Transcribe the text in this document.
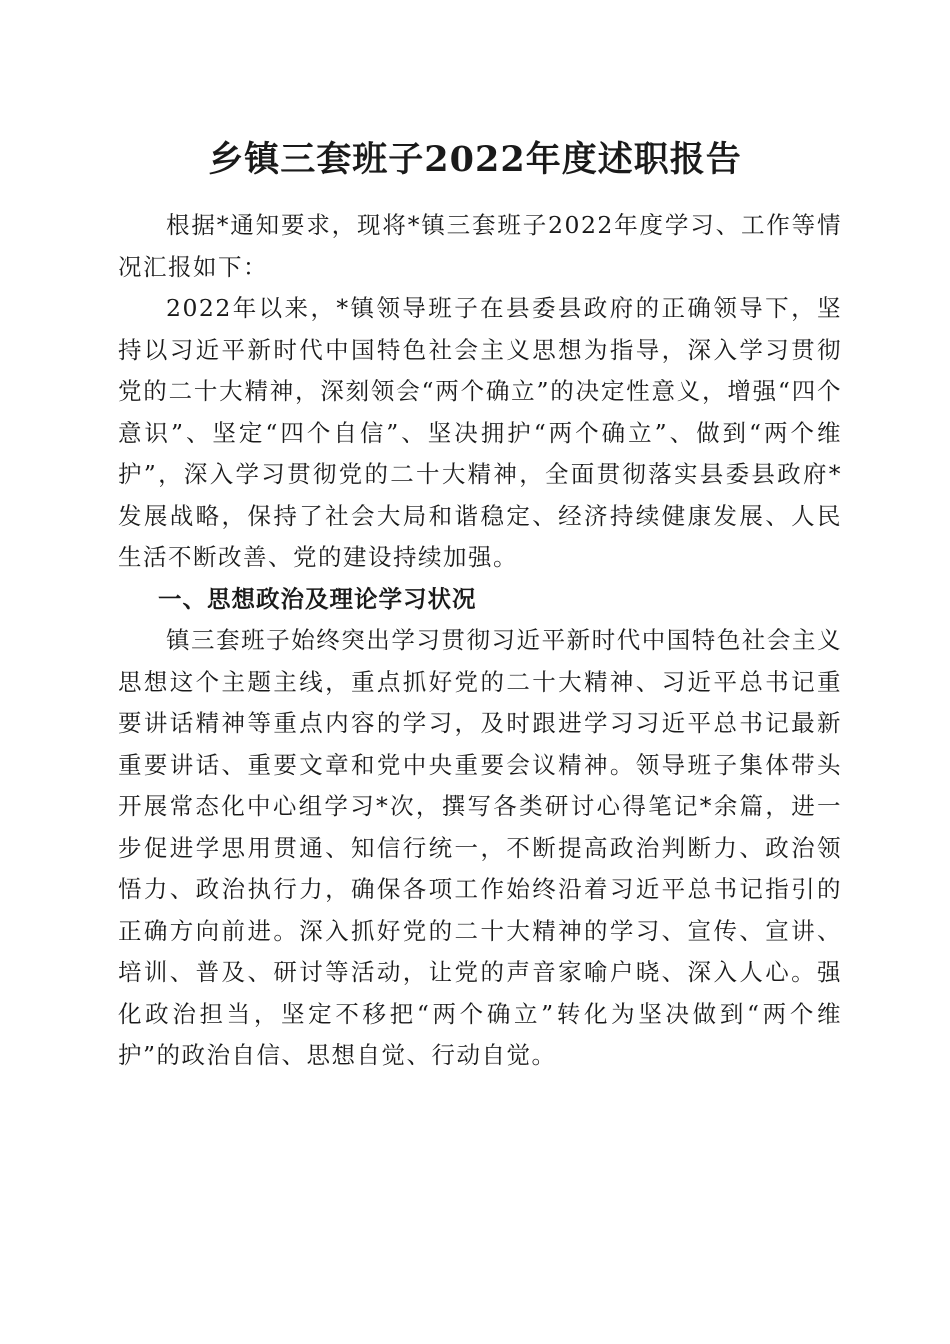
乡镇三套班子2022年度述职报告

根据*通知要求，现将*镇三套班子2022年度学习、工作等情况汇报如下：

2022年以来，*镇领导班子在县委县政府的正确领导下，坚持以习近平新时代中国特色社会主义思想为指导，深入学习贯彻党的二十大精神，深刻领会“两个确立”的决定性意义，增强“四个意识”、坚定“四个自信”、坚决拥护“两个确立”、做到“两个维护”，深入学习贯彻党的二十大精神，全面贯彻落实县委县政府*发展战略，保持了社会大局和谐稳定、经济持续健康发展、人民生活不断改善、党的建设持续加强。

一、思想政治及理论学习状况

镇三套班子始终突出学习贯彻习近平新时代中国特色社会主义思想这个主题主线，重点抓好党的二十大精神、习近平总书记重要讲话精神等重点内容的学习，及时跟进学习习近平总书记最新重要讲话、重要文章和党中央重要会议精神。领导班子集体带头开展常态化中心组学习*次，撰写各类研讨心得笔记*余篇，进一步促进学思用贯通、知信行统一，不断提高政治判断力、政治领悟力、政治执行力，确保各项工作始终沿着习近平总书记指引的正确方向前进。深入抓好党的二十大精神的学习、宣传、宣讲、培训、普及、研讨等活动，让党的声音家喻户晓、深入人心。强化政治担当，坚定不移把“两个确立”转化为坚决做到“两个维护”的政治自信、思想自觉、行动自觉。
